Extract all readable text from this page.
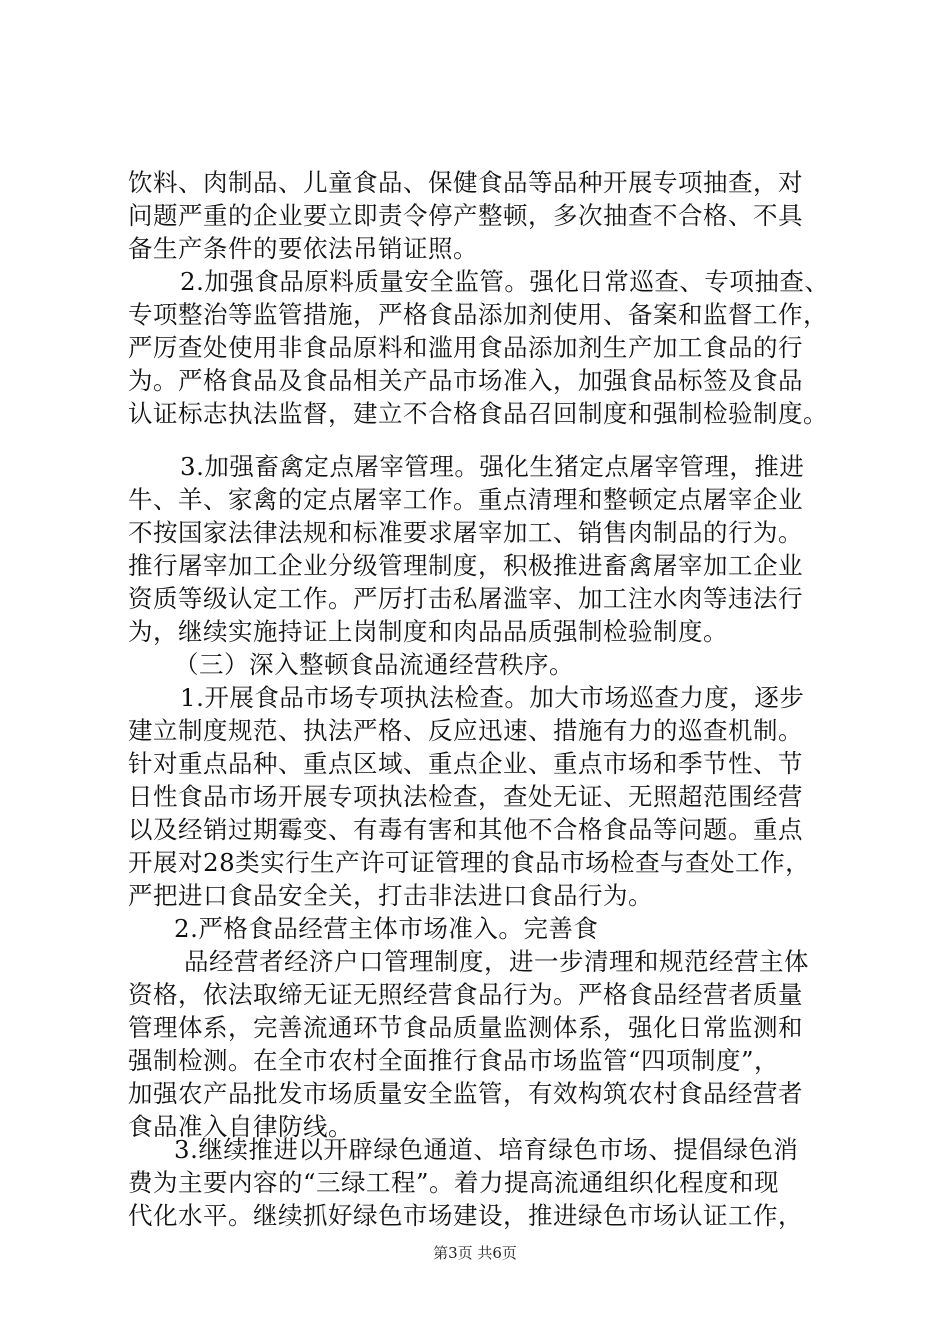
饮料、肉制品、儿童食品、保健食品等品种开展专项抽查，对
问题严重的企业要立即责令停产整顿，多次抽查不合格、不具
备生产条件的要依法吊销证照。
2.加强食品原料质量安全监管。强化日常巡查、专项抽查、
专项整治等监管措施，严格食品添加剂使用、备案和监督工作，
严厉查处使用非食品原料和滥用食品添加剂生产加工食品的行
为。严格食品及食品相关产品市场准入，加强食品标签及食品
认证标志执法监督，建立不合格食品召回制度和强制检验制度。
3.加强畜禽定点屠宰管理。强化生猪定点屠宰管理，推进
牛、羊、家禽的定点屠宰工作。重点清理和整顿定点屠宰企业
不按国家法律法规和标准要求屠宰加工、销售肉制品的行为。
推行屠宰加工企业分级管理制度，积极推进畜禽屠宰加工企业
资质等级认定工作。严厉打击私屠滥宰、加工注水肉等违法行
为，继续实施持证上岗制度和肉品品质强制检验制度。
（三）深入整顿食品流通经营秩序。
1.开展食品市场专项执法检查。加大市场巡查力度，逐步
建立制度规范、执法严格、反应迅速、措施有力的巡查机制。
针对重点品种、重点区域、重点企业、重点市场和季节性、节
日性食品市场开展专项执法检查，查处无证、无照超范围经营
以及经销过期霉变、有毒有害和其他不合格食品等问题。重点
开展对28类实行生产许可证管理的食品市场检查与查处工作，
严把进口食品安全关，打击非法进口食品行为。
2.严格食品经营主体市场准入。完善食
品经营者经济户口管理制度，进一步清理和规范经营主体
资格，依法取缔无证无照经营食品行为。严格食品经营者质量
管理体系，完善流通环节食品质量监测体系，强化日常监测和
强制检测。在全市农村全面推行食品市场监管“四项制度”，
加强农产品批发市场质量安全监管，有效构筑农村食品经营者
食品准入自律防线。
3.继续推进以开辟绿色通道、培育绿色市场、提倡绿色消
费为主要内容的“三绿工程”。着力提高流通组织化程度和现
第3页 共6页
代化水平。继续抓好绿色市场建设，推进绿色市场认证工作，
